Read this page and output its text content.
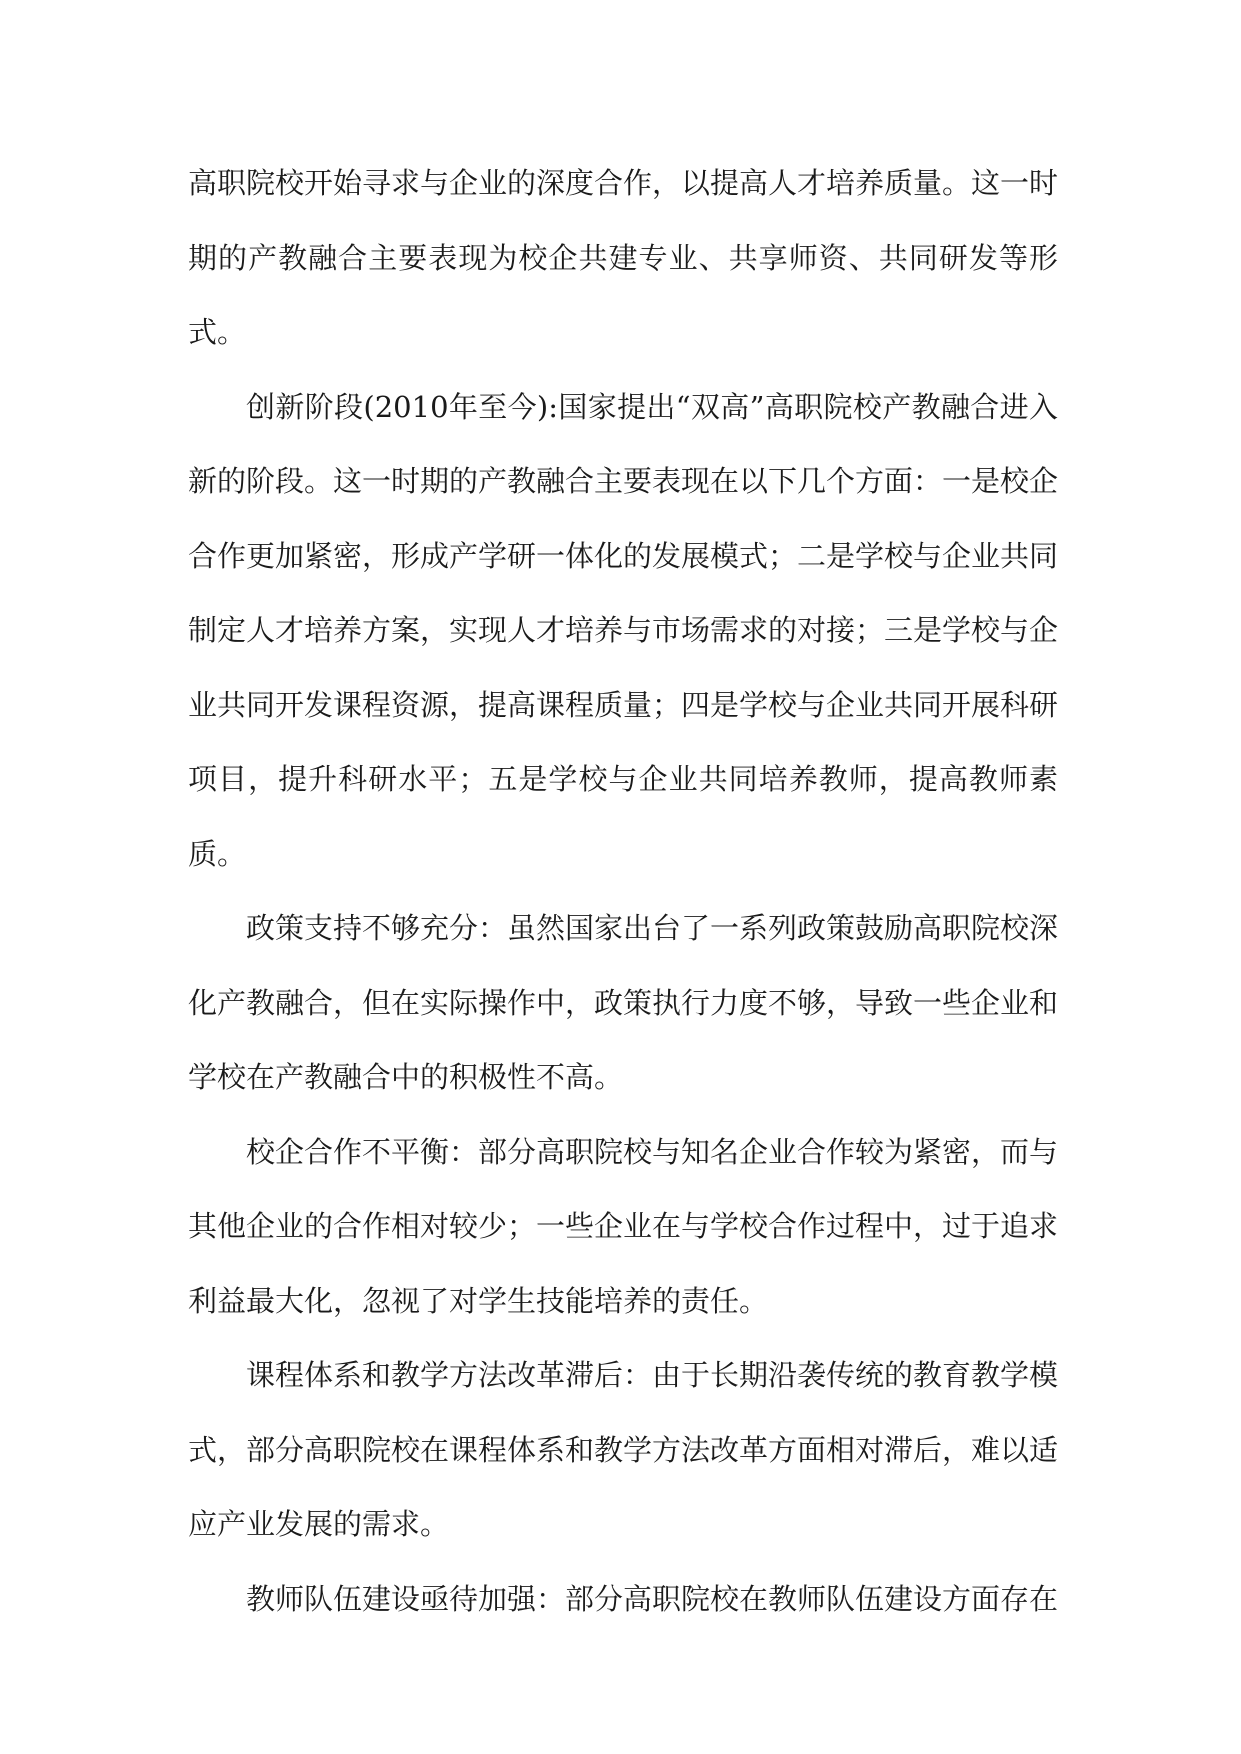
高职院校开始寻求与企业的深度合作，以提高人才培养质量。这一时期的产教融合主要表现为校企共建专业、共享师资、共同研发等形式。

创新阶段(2010年至今):国家提出“双高”高职院校产教融合进入新的阶段。这一时期的产教融合主要表现在以下几个方面：一是校企合作更加紧密，形成产学研一体化的发展模式；二是学校与企业共同制定人才培养方案，实现人才培养与市场需求的对接；三是学校与企业共同开发课程资源，提高课程质量；四是学校与企业共同开展科研项目，提升科研水平；五是学校与企业共同培养教师，提高教师素质。

政策支持不够充分：虽然国家出台了一系列政策鼓励高职院校深化产教融合，但在实际操作中，政策执行力度不够，导致一些企业和学校在产教融合中的积极性不高。

校企合作不平衡：部分高职院校与知名企业合作较为紧密，而与其他企业的合作相对较少；一些企业在与学校合作过程中，过于追求利益最大化，忽视了对学生技能培养的责任。

课程体系和教学方法改革滞后：由于长期沿袭传统的教育教学模式，部分高职院校在课程体系和教学方法改革方面相对滞后，难以适应产业发展的需求。

教师队伍建设亟待加强：部分高职院校在教师队伍建设方面存在
